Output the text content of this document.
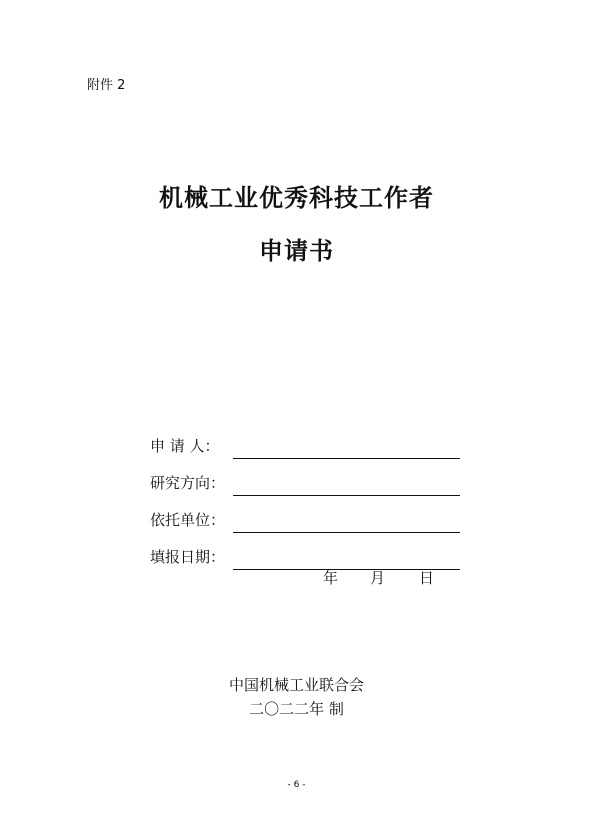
附件 2
机械工业优秀科技工作者
申请书
申 请 人：
研究方向：
依托单位：
填报日期：
年 月 日
中国机械工业联合会
二〇二二年 制
- 6 -
